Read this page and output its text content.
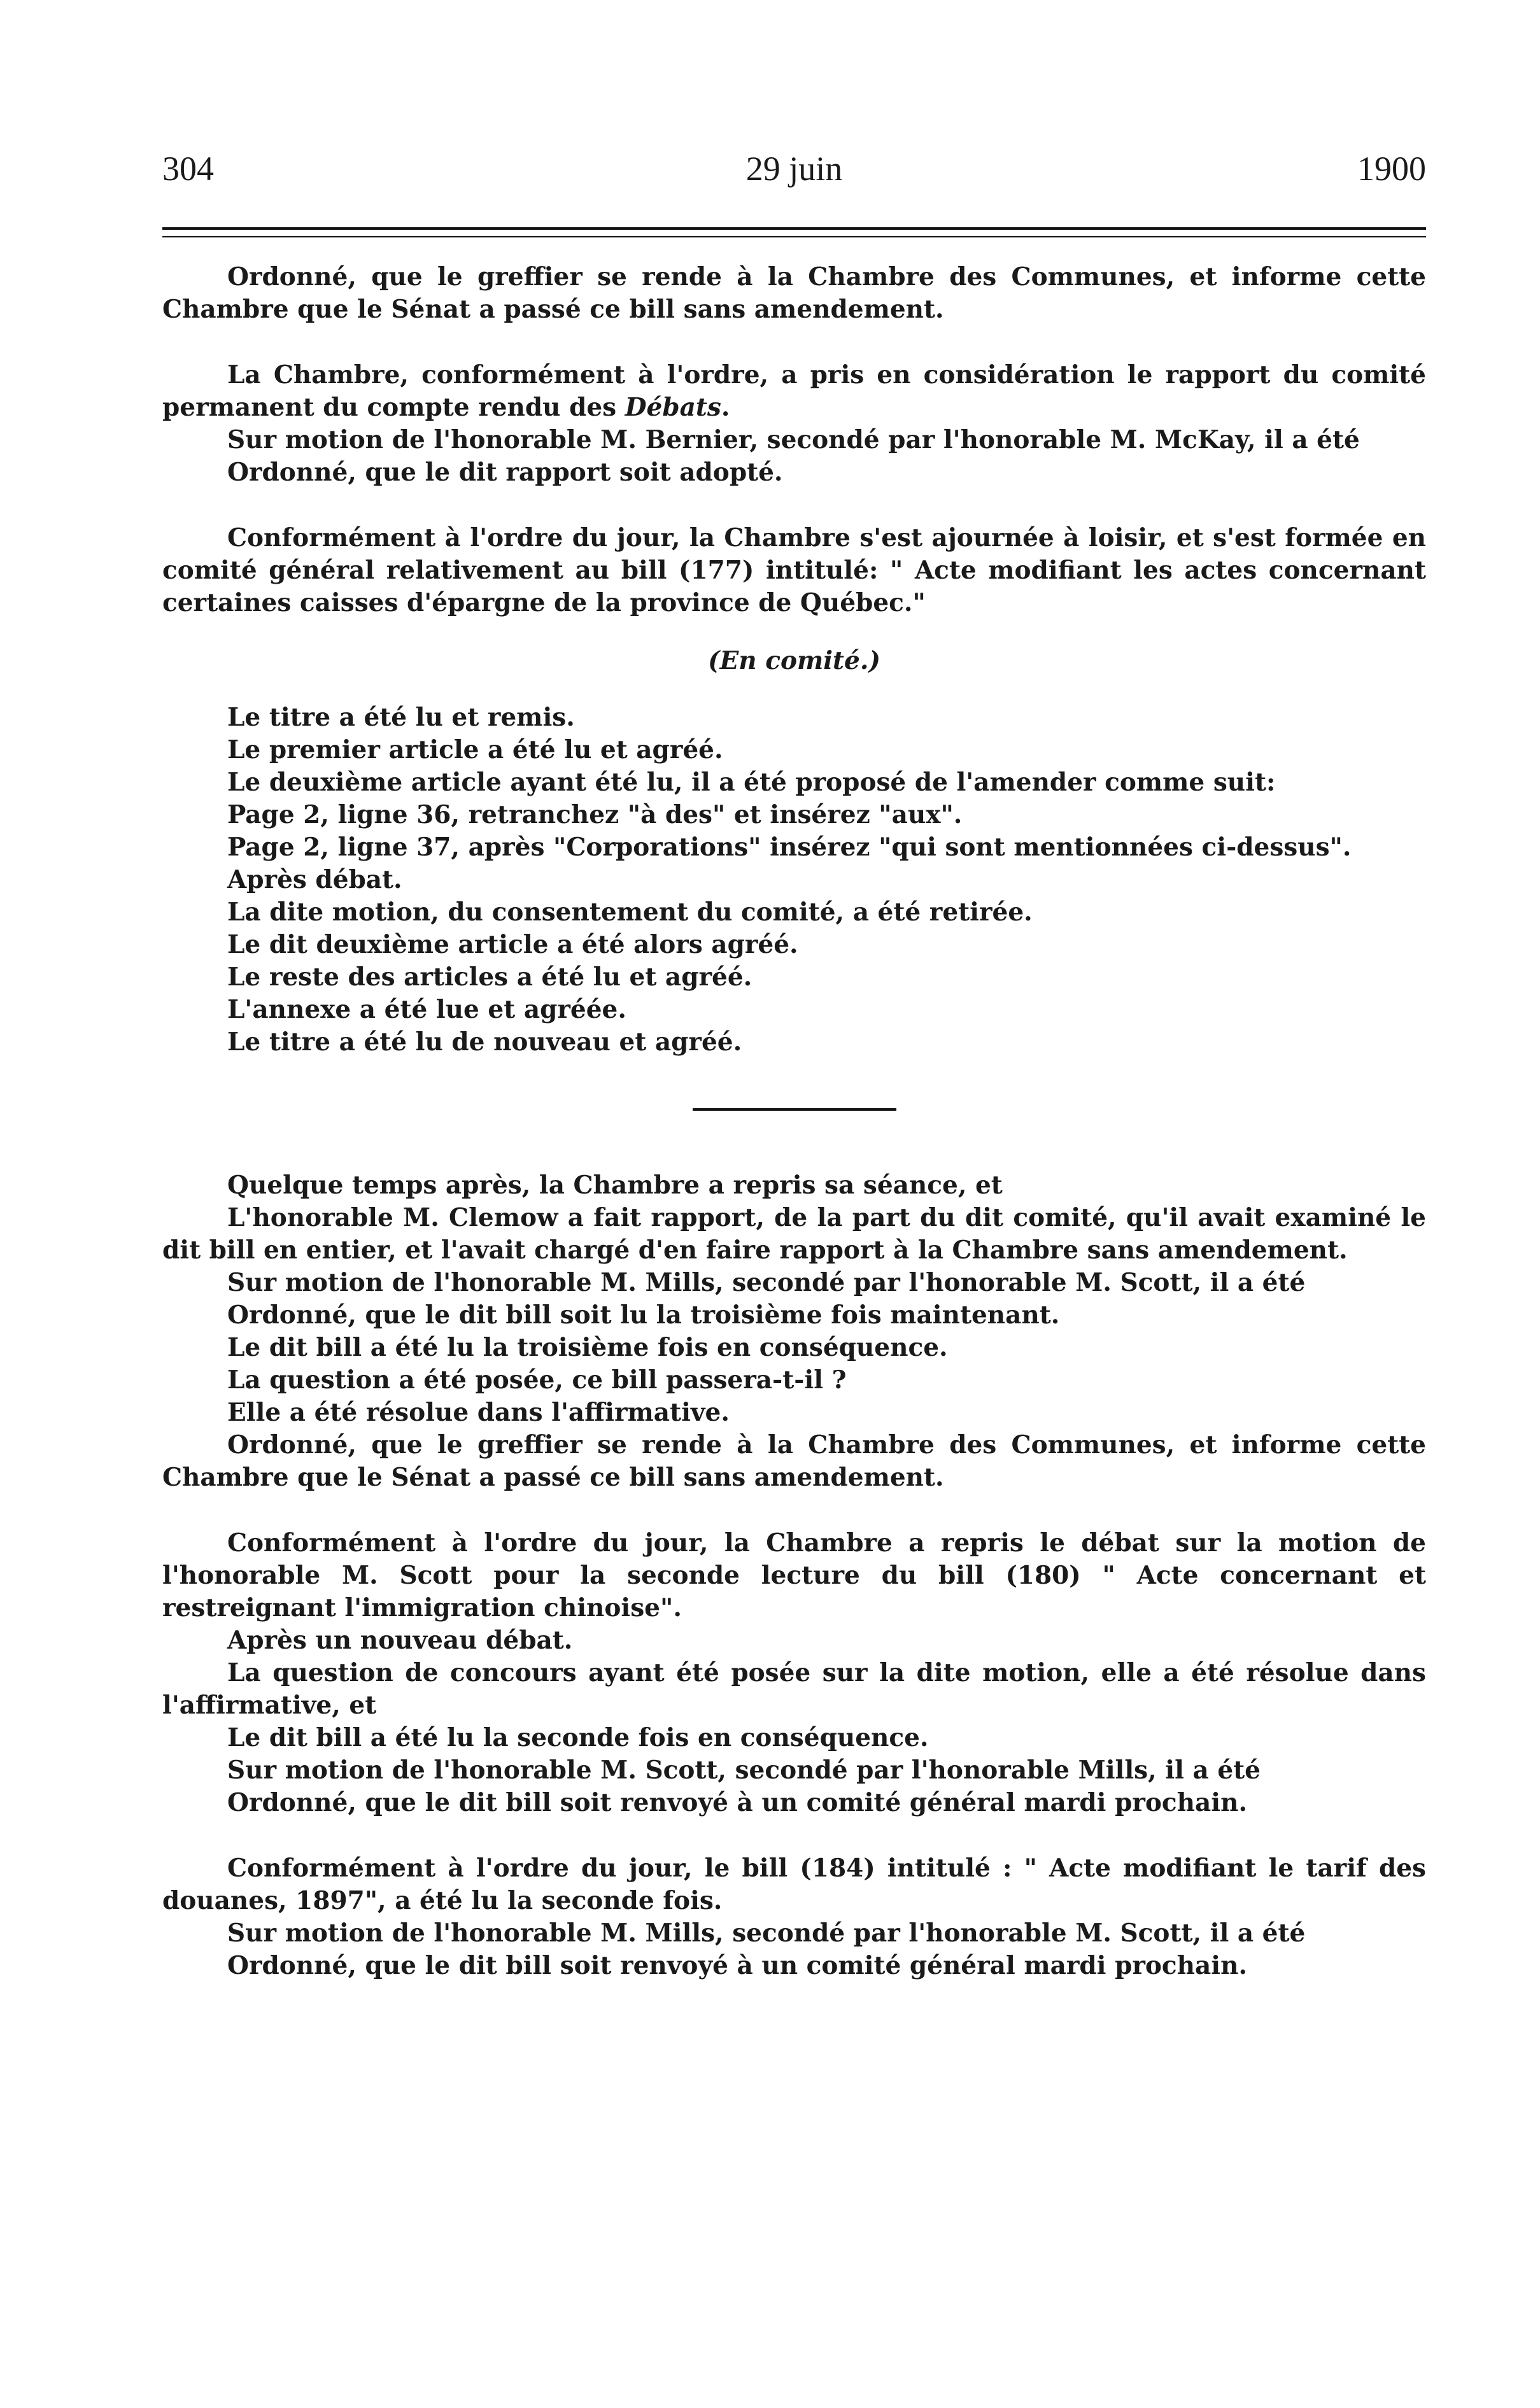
304	29 juin	1900

Ordonné, que le greffier se rende à la Chambre des Communes, et informe cette Chambre que le Sénat a passé ce bill sans amendement.

La Chambre, conformément à l'ordre, a pris en considération le rapport du comité permanent du compte rendu des Débats.

Sur motion de l'honorable M. Bernier, secondé par l'honorable M. McKay, il a été

Ordonné, que le dit rapport soit adopté.

Conformément à l'ordre du jour, la Chambre s'est ajournée à loisir, et s'est formée en comité général relativement au bill (177) intitulé: " Acte modifiant les actes concernant certaines caisses d'épargne de la province de Québec."

(En comité.)

Le titre a été lu et remis.

Le premier article a été lu et agréé.

Le deuxième article ayant été lu, il a été proposé de l'amender comme suit:

Page 2, ligne 36, retranchez "à des" et insérez "aux".

Page 2, ligne 37, après "Corporations" insérez "qui sont mentionnées ci-dessus".

Après débat.

La dite motion, du consentement du comité, a été retirée.

Le dit deuxième article a été alors agréé.

Le reste des articles a été lu et agréé.

L'annexe a été lue et agréée.

Le titre a été lu de nouveau et agréé.

Quelque temps après, la Chambre a repris sa séance, et

L'honorable M. Clemow a fait rapport, de la part du dit comité, qu'il avait examiné le dit bill en entier, et l'avait chargé d'en faire rapport à la Chambre sans amendement.

Sur motion de l'honorable M. Mills, secondé par l'honorable M. Scott, il a été

Ordonné, que le dit bill soit lu la troisième fois maintenant.

Le dit bill a été lu la troisième fois en conséquence.

La question a été posée, ce bill passera-t-il ?

Elle a été résolue dans l'affirmative.

Ordonné, que le greffier se rende à la Chambre des Communes, et informe cette Chambre que le Sénat a passé ce bill sans amendement.

Conformément à l'ordre du jour, la Chambre a repris le débat sur la motion de l'honorable M. Scott pour la seconde lecture du bill (180) " Acte concernant et restreignant l'immigration chinoise".

Après un nouveau débat.

La question de concours ayant été posée sur la dite motion, elle a été résolue dans l'affirmative, et

Le dit bill a été lu la seconde fois en conséquence.

Sur motion de l'honorable M. Scott, secondé par l'honorable Mills, il a été

Ordonné, que le dit bill soit renvoyé à un comité général mardi prochain.

Conformément à l'ordre du jour, le bill (184) intitulé : " Acte modifiant le tarif des douanes, 1897", a été lu la seconde fois.

Sur motion de l'honorable M. Mills, secondé par l'honorable M. Scott, il a été

Ordonné, que le dit bill soit renvoyé à un comité général mardi prochain.
